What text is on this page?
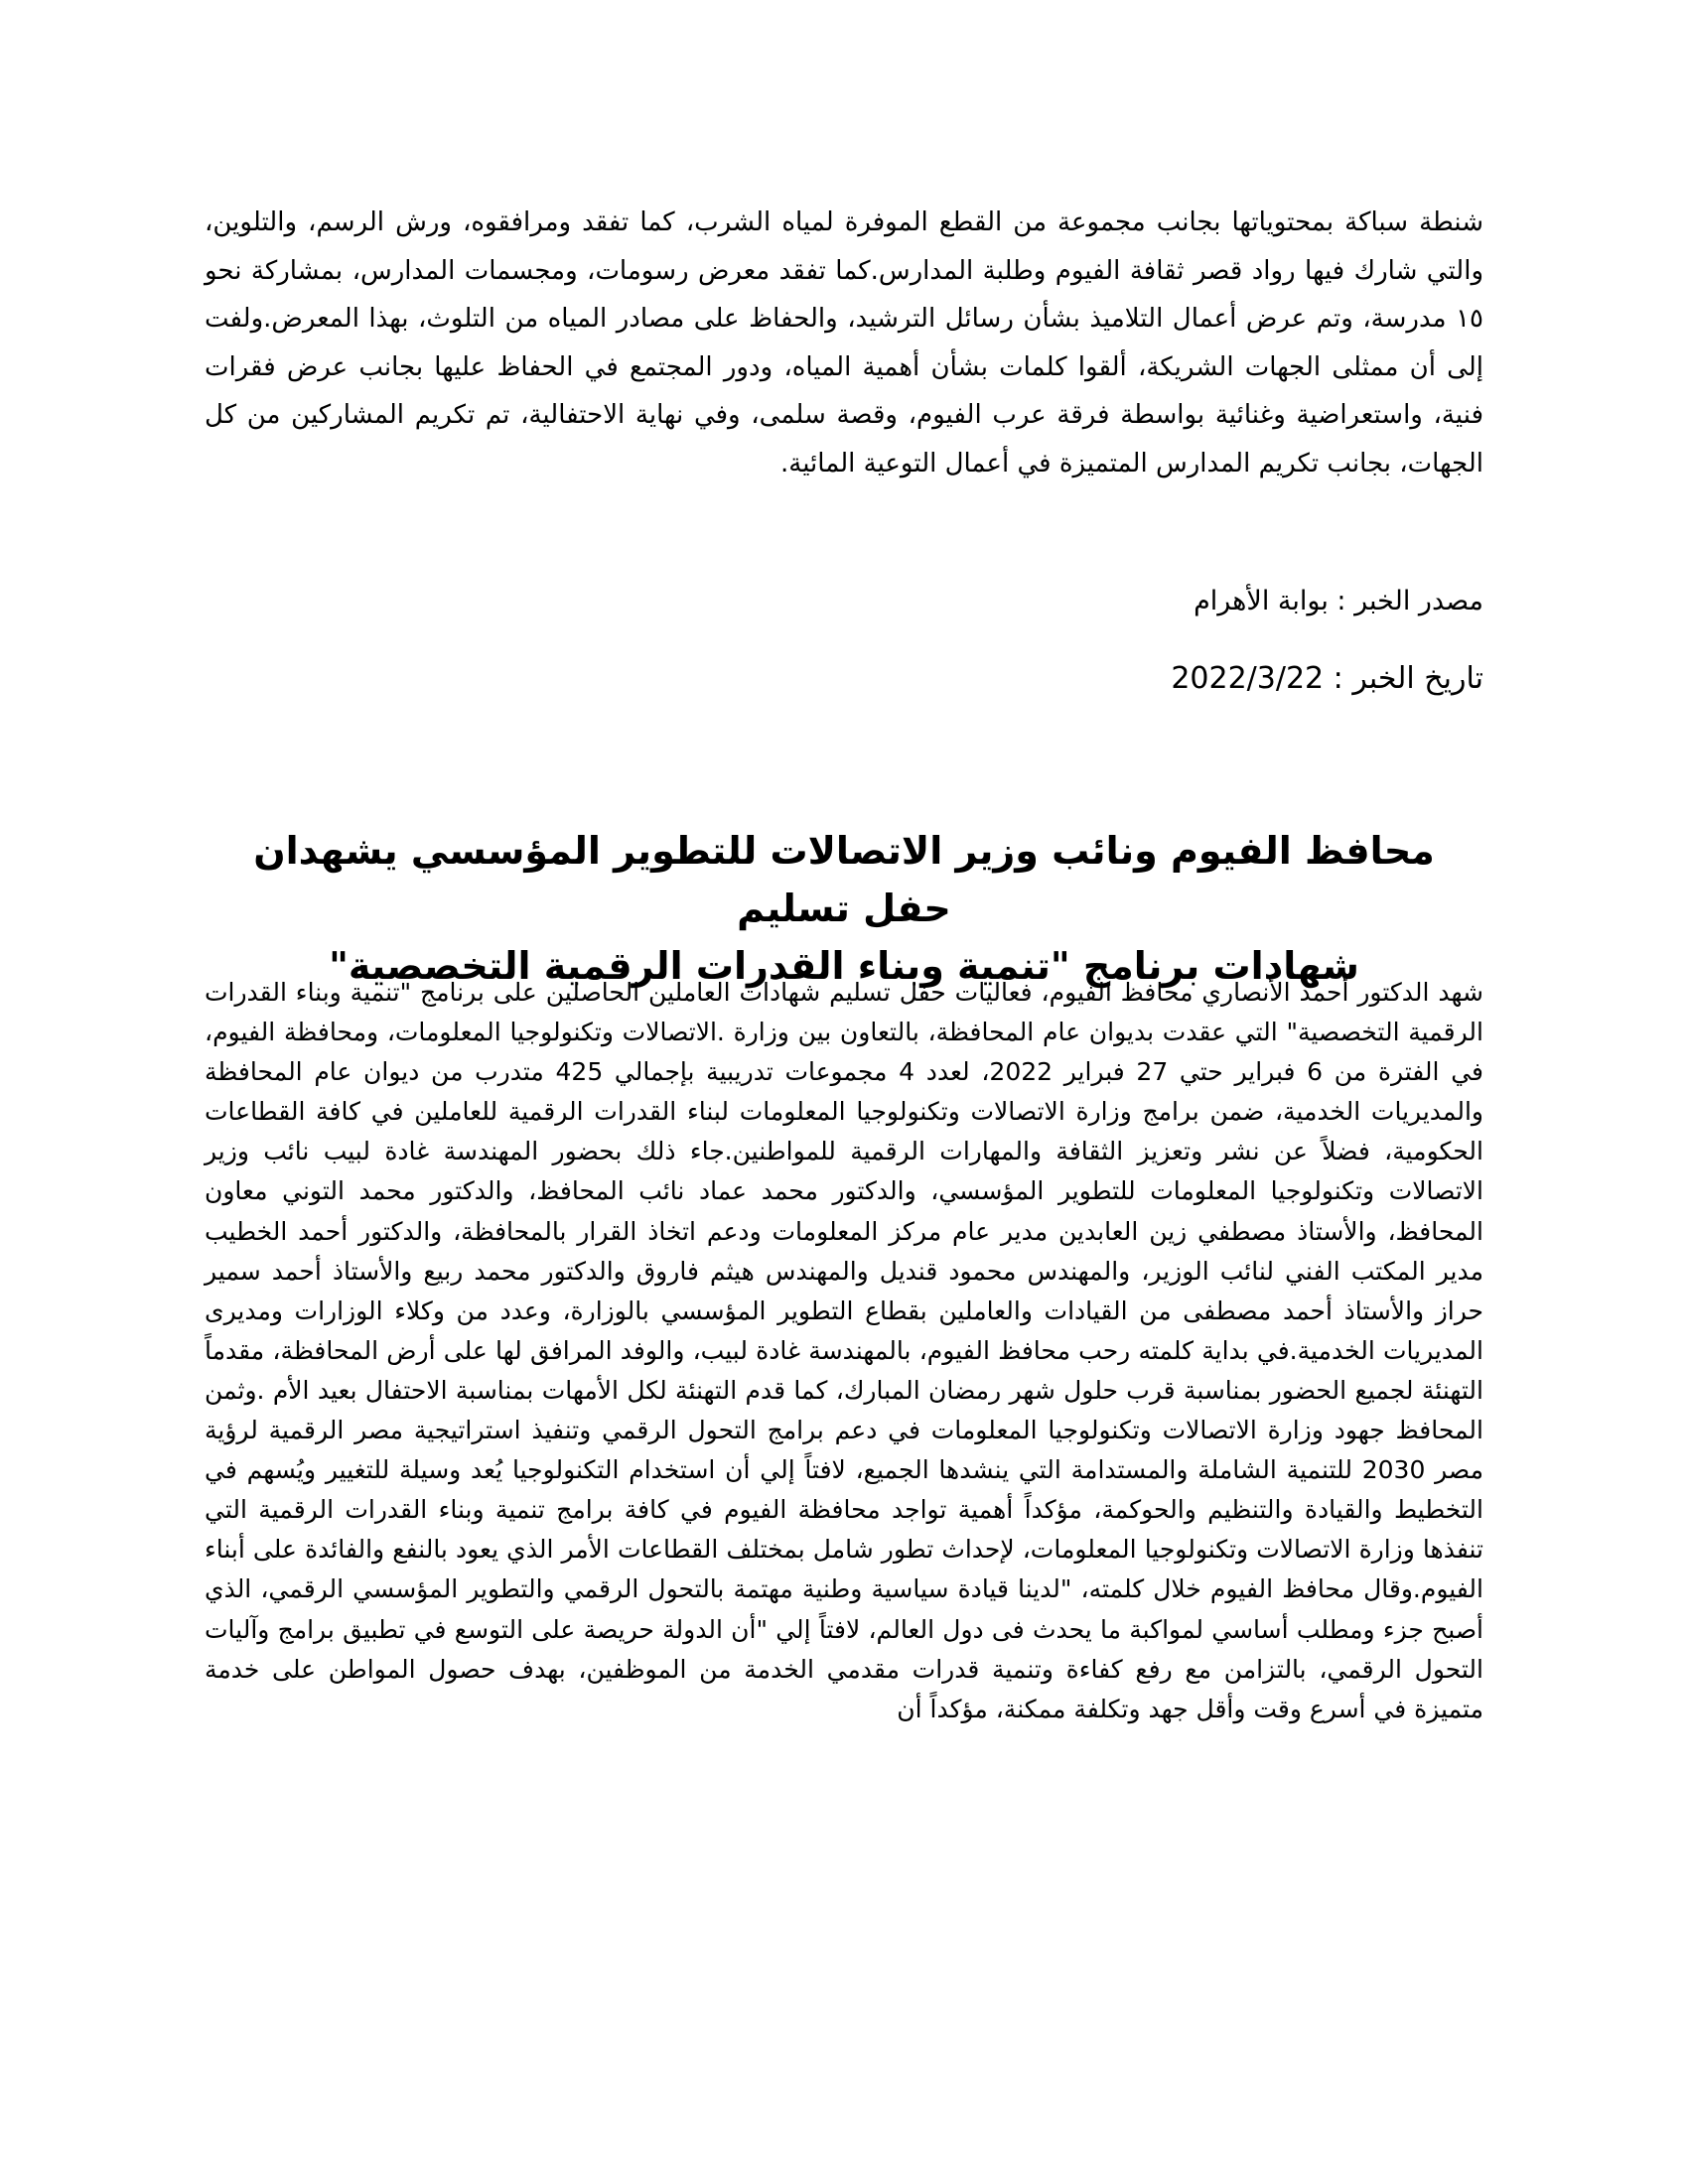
شنطة سباكة بمحتوياتها بجانب مجموعة من القطع الموفرة لمياه الشرب، كما تفقد ومرافقوه، ورش الرسم، والتلوين، والتي شارك فيها رواد قصر ثقافة الفيوم وطلبة المدارس.كما تفقد معرض رسومات، ومجسمات المدارس، بمشاركة نحو ١٥ مدرسة، وتم عرض أعمال التلاميذ بشأن رسائل الترشيد، والحفاظ على مصادر المياه من التلوث، بهذا المعرض.ولفت إلى أن ممثلى الجهات الشريكة، ألقوا كلمات بشأن أهمية المياه، ودور المجتمع في الحفاظ عليها بجانب عرض فقرات فنية، واستعراضية وغنائية بواسطة فرقة عرب الفيوم، وقصة سلمى، وفي نهاية الاحتفالية، تم تكريم المشاركين من كل الجهات، بجانب تكريم المدارس المتميزة في أعمال التوعية المائية.

مصدر الخبر : بوابة الأهرام
تاريخ الخبر : 2022/3/22
محافظ الفيوم ونائب وزير الاتصالات للتطوير المؤسسي يشهدان حفل تسليم
شهادات برنامج "تنمية وبناء القدرات الرقمية التخصصية"

شهد الدكتور أحمد الأنصاري محافظ الفيوم، فعاليات حفل تسليم شهادات العاملين الحاصلين على برنامج "تنمية وبناء القدرات الرقمية التخصصية" التي عقدت بديوان عام المحافظة، بالتعاون بين وزارة .الاتصالات وتكنولوجيا المعلومات، ومحافظة الفيوم، في الفترة من 6 فبراير حتي 27 فبراير 2022، لعدد 4 مجموعات تدريبية بإجمالي 425 متدرب من ديوان عام المحافظة والمديريات الخدمية، ضمن برامج وزارة الاتصالات وتكنولوجيا المعلومات لبناء القدرات الرقمية للعاملين في كافة القطاعات الحكومية، فضلاً عن نشر وتعزيز الثقافة والمهارات الرقمية للمواطنين.جاء ذلك بحضور المهندسة غادة لبيب نائب وزير الاتصالات وتكنولوجيا المعلومات للتطوير المؤسسي، والدكتور محمد عماد نائب المحافظ، والدكتور محمد التوني معاون المحافظ، والأستاذ مصطفي زين العابدين مدير عام مركز المعلومات ودعم اتخاذ القرار بالمحافظة، والدكتور أحمد الخطيب مدير المكتب الفني لنائب الوزير، والمهندس محمود قنديل والمهندس هيثم فاروق والدكتور محمد ربيع والأستاذ أحمد سمير حراز والأستاذ أحمد مصطفى من القيادات والعاملين بقطاع التطوير المؤسسي بالوزارة، وعدد من وكلاء الوزارات ومديرى المديريات الخدمية.في بداية كلمته رحب محافظ الفيوم، بالمهندسة غادة لبيب، والوفد المرافق لها على أرض المحافظة، مقدماً التهنئة لجميع الحضور بمناسبة قرب حلول شهر رمضان المبارك، كما قدم التهنئة لكل الأمهات بمناسبة الاحتفال بعيد الأم .وثمن المحافظ جهود وزارة الاتصالات وتكنولوجيا المعلومات في دعم برامج التحول الرقمي وتنفيذ استراتيجية مصر الرقمية لرؤية مصر 2030 للتنمية الشاملة والمستدامة التي ينشدها الجميع، لافتاً إلي أن استخدام التكنولوجيا يُعد وسيلة للتغيير ويُسهم في التخطيط والقيادة والتنظيم والحوكمة، مؤكداً أهمية تواجد محافظة الفيوم في كافة برامج تنمية وبناء القدرات الرقمية التي تنفذها وزارة الاتصالات وتكنولوجيا المعلومات، لإحداث تطور شامل بمختلف القطاعات الأمر الذي يعود بالنفع والفائدة على أبناء الفيوم.وقال محافظ الفيوم خلال كلمته، "لدينا قيادة سياسية وطنية مهتمة بالتحول الرقمي والتطوير المؤسسي الرقمي، الذي أصبح جزء ومطلب أساسي لمواكبة ما يحدث فى دول العالم، لافتاً إلي "أن الدولة حريصة على التوسع في تطبيق برامج وآليات التحول الرقمي، بالتزامن مع رفع كفاءة وتنمية قدرات مقدمي الخدمة من الموظفين، بهدف حصول المواطن على خدمة متميزة في أسرع وقت وأقل جهد وتكلفة ممكنة، مؤكداً أن
